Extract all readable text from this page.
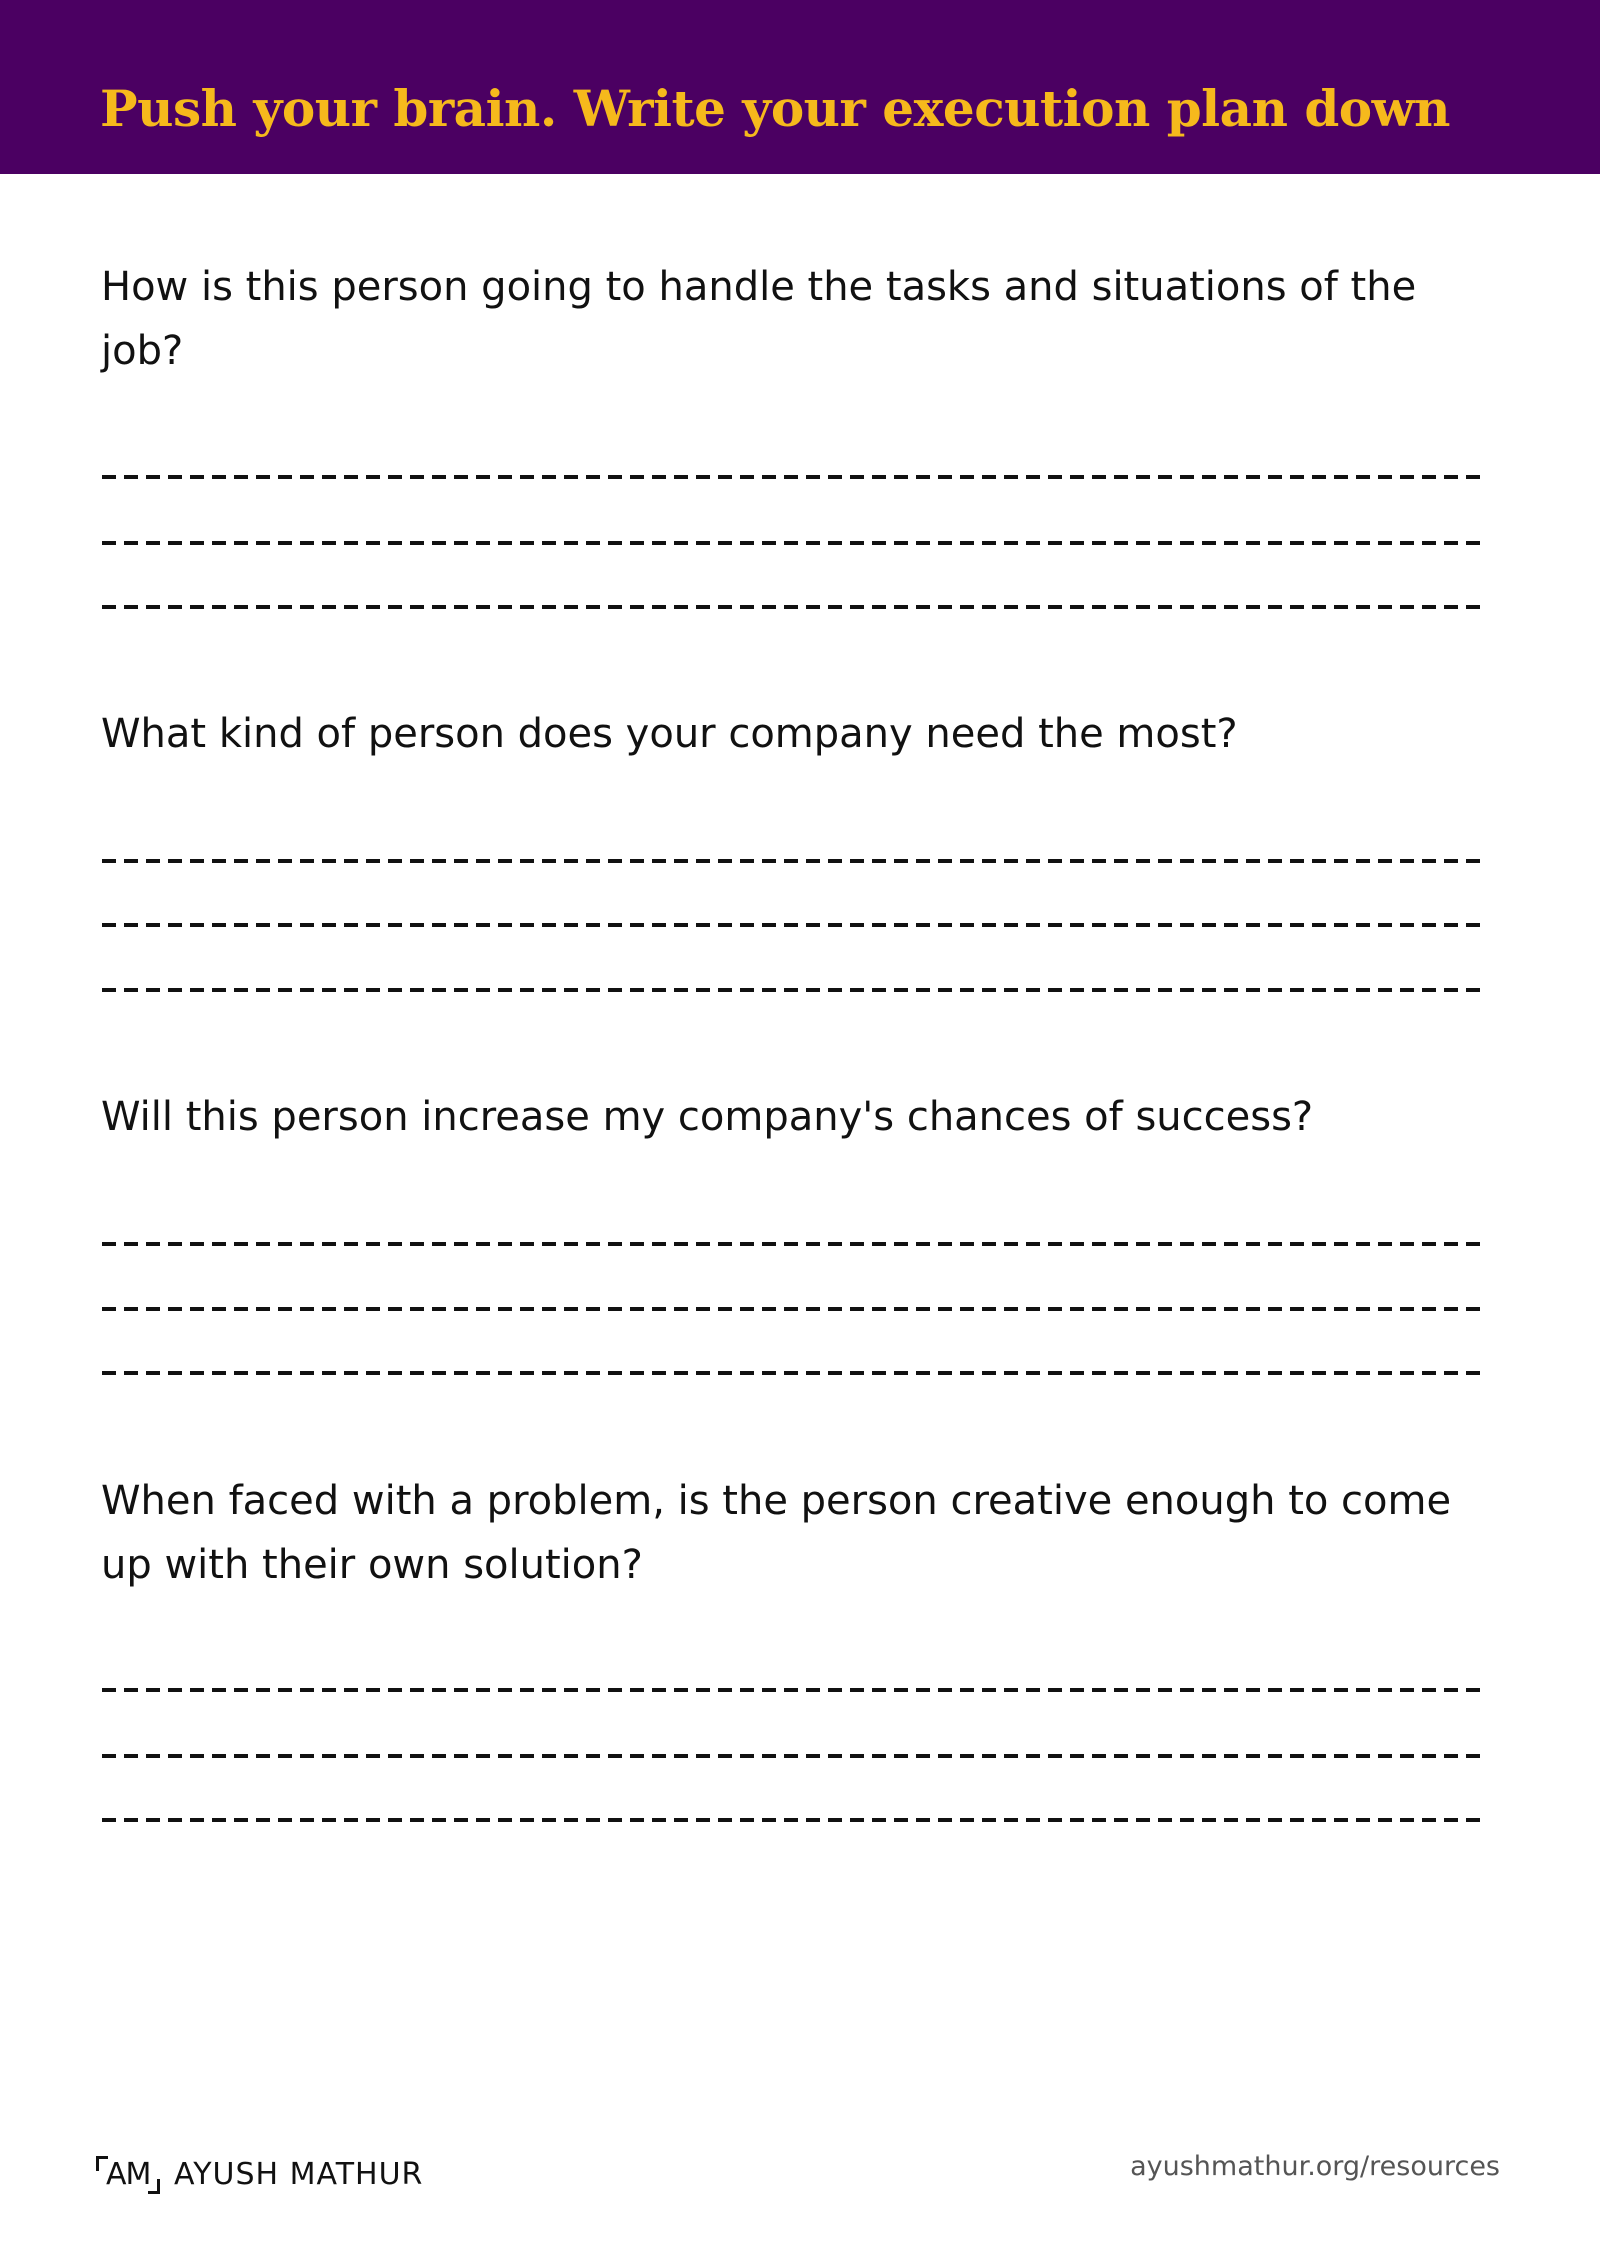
Push your brain. Write your execution plan down

How is this person going to handle the tasks and situations of the job?

What kind of person does your company need the most?

Will this person increase my company's chances of success?

When faced with a problem, is the person creative enough to come up with their own solution?

AM AYUSH MATHUR	ayushmathur.org/resources
